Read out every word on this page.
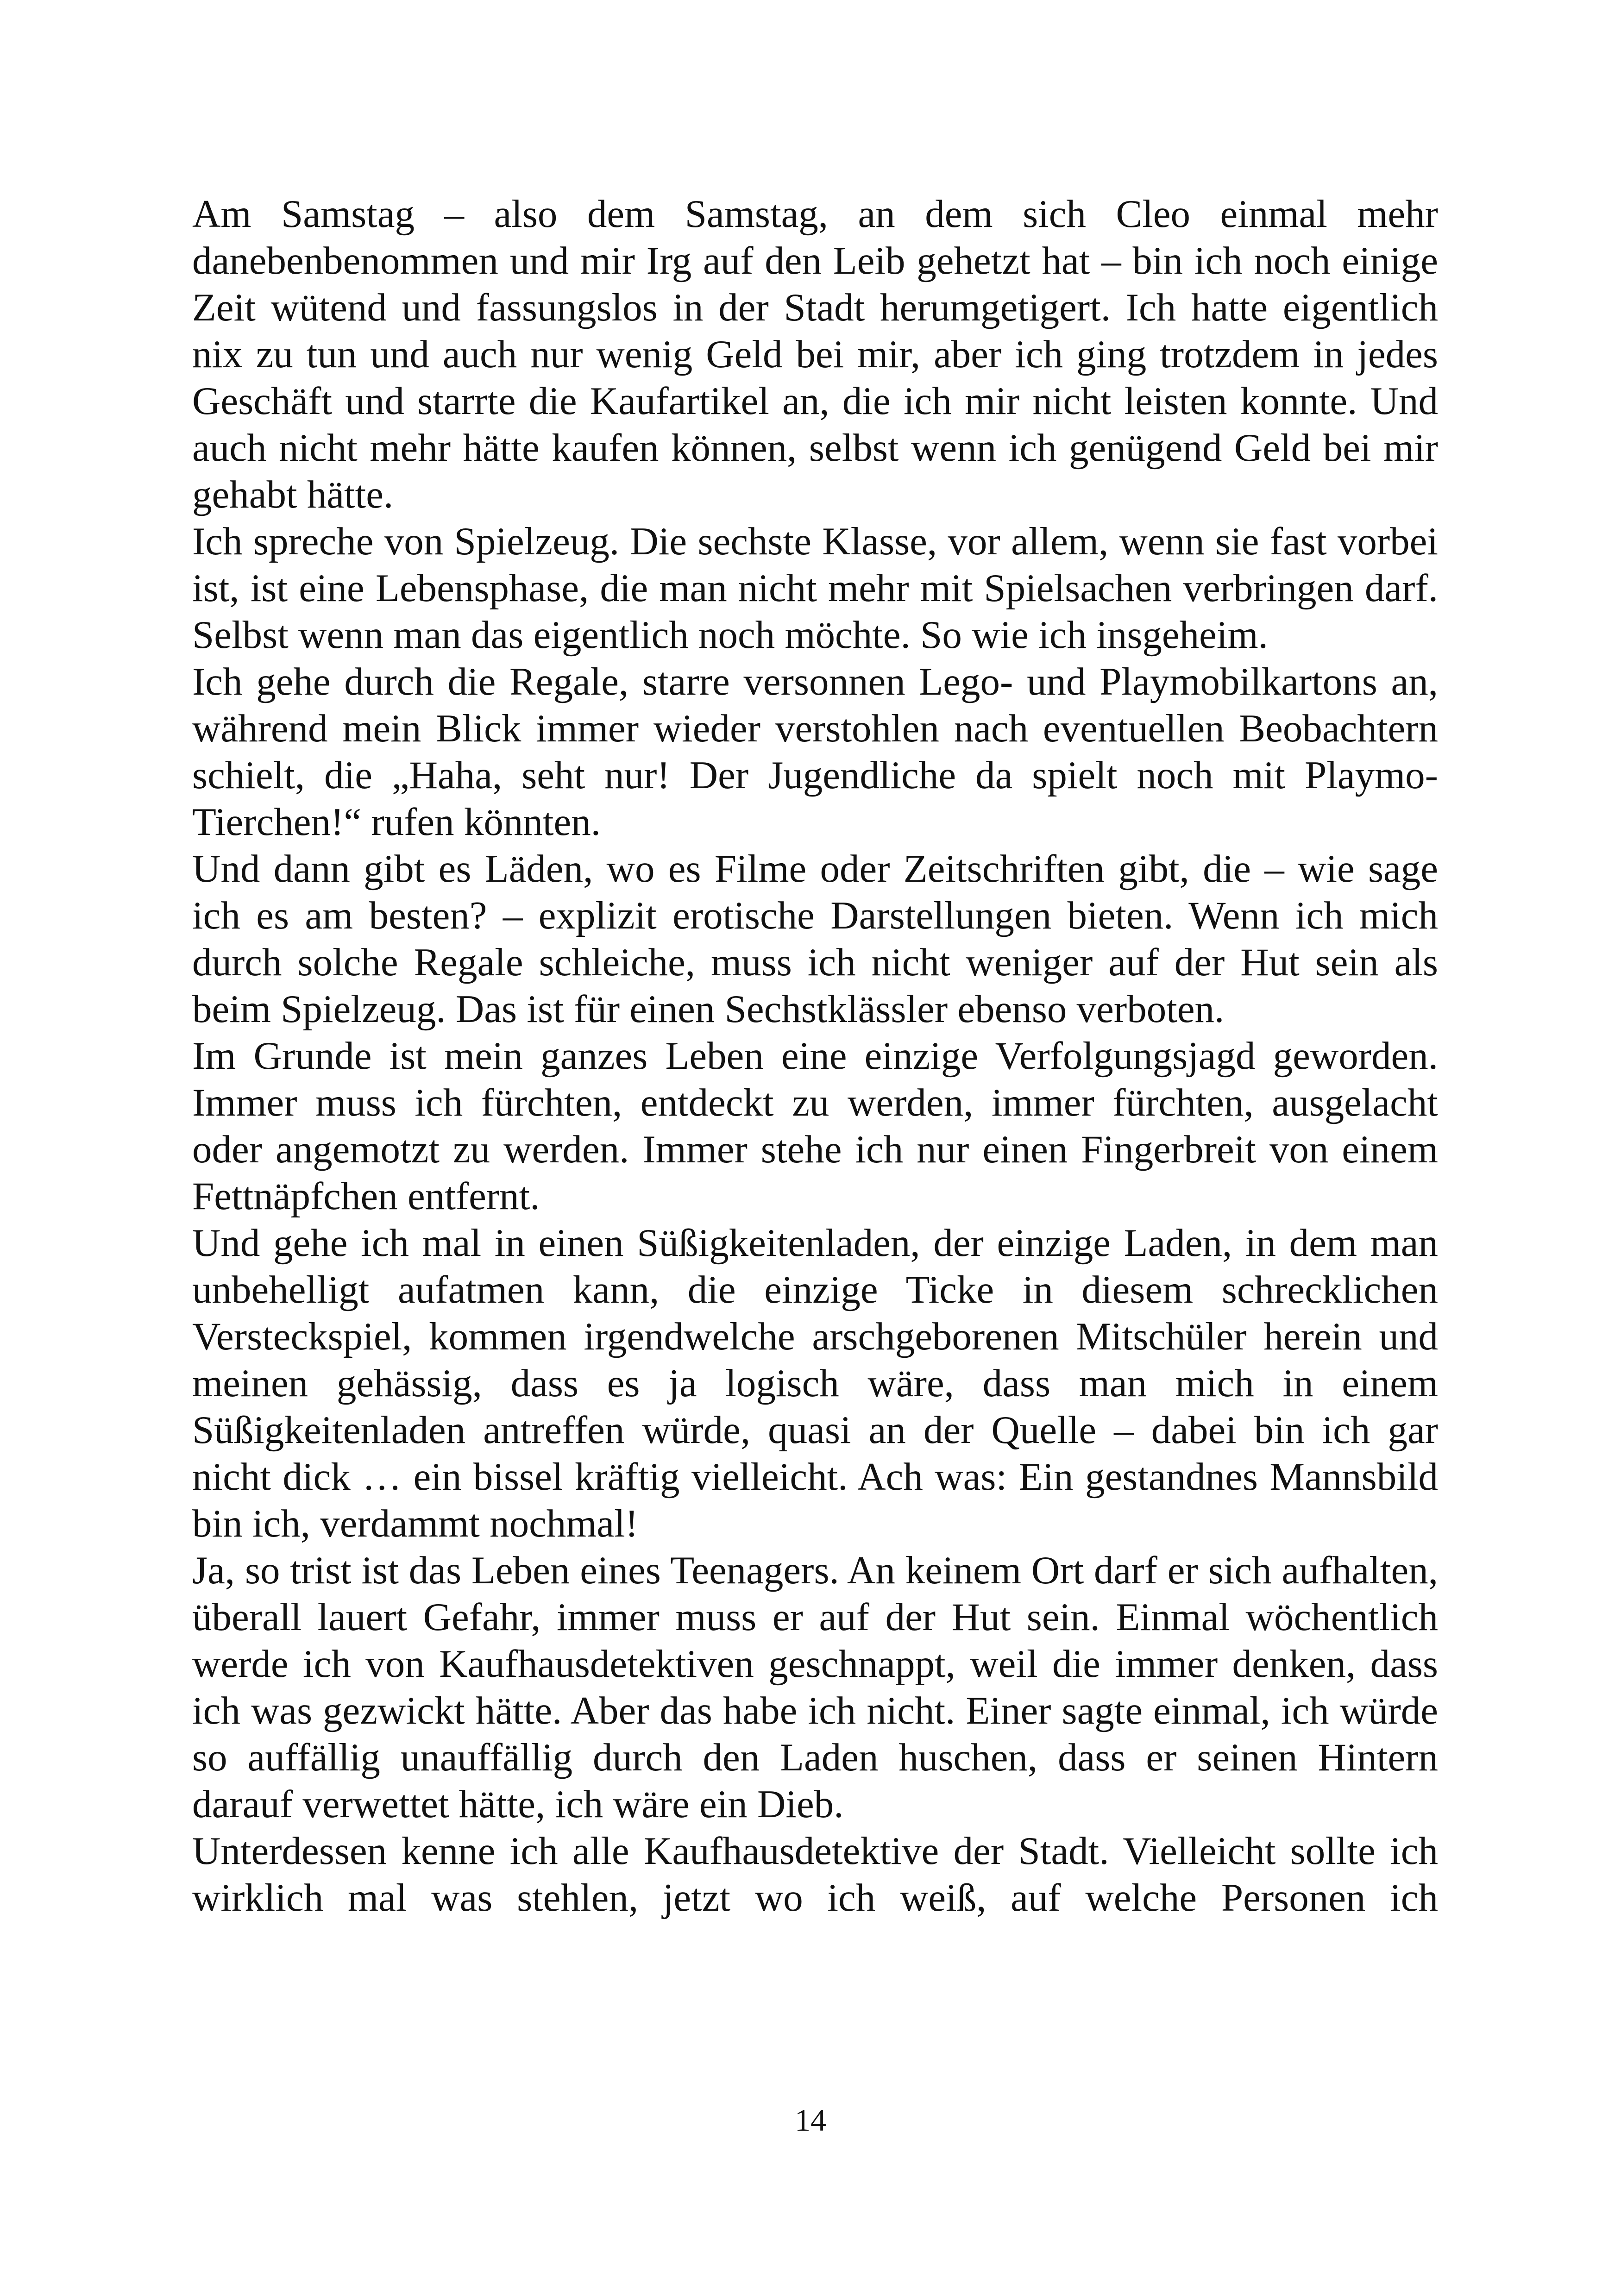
Am Samstag – also dem Samstag, an dem sich Cleo einmal mehr danebenbenommen und mir Irg auf den Leib gehetzt hat – bin ich noch einige Zeit wütend und fassungslos in der Stadt herumgetigert. Ich hatte eigentlich nix zu tun und auch nur wenig Geld bei mir, aber ich ging trotzdem in jedes Geschäft und starrte die Kaufartikel an, die ich mir nicht leisten konnte. Und auch nicht mehr hätte kaufen können, selbst wenn ich genügend Geld bei mir gehabt hätte.

Ich spreche von Spielzeug. Die sechste Klasse, vor allem, wenn sie fast vorbei ist, ist eine Lebensphase, die man nicht mehr mit Spielsachen verbringen darf. Selbst wenn man das eigentlich noch möchte. So wie ich insgeheim.

Ich gehe durch die Regale, starre versonnen Lego- und Playmobilkartons an, während mein Blick immer wieder verstohlen nach eventuellen Beobachtern schielt, die „Haha, seht nur! Der Jugendliche da spielt noch mit Playmo-Tierchen!“ rufen könnten.

Und dann gibt es Läden, wo es Filme oder Zeitschriften gibt, die – wie sage ich es am besten? – explizit erotische Darstellungen bieten. Wenn ich mich durch solche Regale schleiche, muss ich nicht weniger auf der Hut sein als beim Spielzeug. Das ist für einen Sechstklässler ebenso verboten.

Im Grunde ist mein ganzes Leben eine einzige Verfolgungsjagd geworden. Immer muss ich fürchten, entdeckt zu werden, immer fürchten, ausgelacht oder angemotzt zu werden. Immer stehe ich nur einen Fingerbreit von einem Fettnäpfchen entfernt.

Und gehe ich mal in einen Süßigkeitenladen, der einzige Laden, in dem man unbehelligt aufatmen kann, die einzige Ticke in diesem schrecklichen Versteckspiel, kommen irgendwelche arschgeborenen Mitschüler herein und meinen gehässig, dass es ja logisch wäre, dass man mich in einem Süßigkeitenladen antreffen würde, quasi an der Quelle – dabei bin ich gar nicht dick … ein bissel kräftig vielleicht. Ach was: Ein gestandnes Mannsbild bin ich, verdammt nochmal!

Ja, so trist ist das Leben eines Teenagers. An keinem Ort darf er sich aufhalten, überall lauert Gefahr, immer muss er auf der Hut sein. Einmal wöchentlich werde ich von Kaufhausdetektiven geschnappt, weil die immer denken, dass ich was gezwickt hätte. Aber das habe ich nicht. Einer sagte einmal, ich würde so auffällig unauffällig durch den Laden huschen, dass er seinen Hintern darauf verwettet hätte, ich wäre ein Dieb.

Unterdessen kenne ich alle Kaufhausdetektive der Stadt. Vielleicht sollte ich wirklich mal was stehlen, jetzt wo ich weiß, auf welche Personen ich

14
